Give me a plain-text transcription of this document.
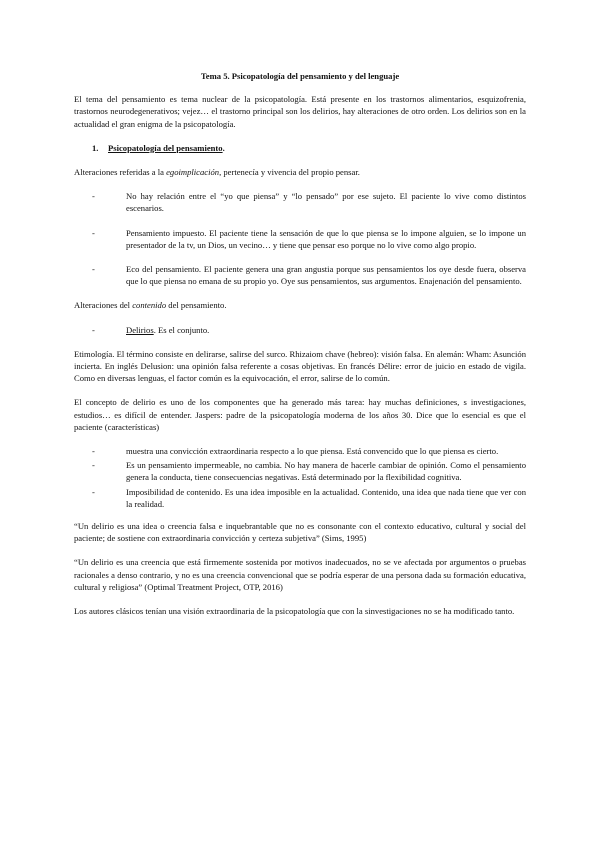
Tema 5. Psicopatología del pensamiento y del lenguaje

El tema del pensamiento es tema nuclear de la psicopatología. Está presente en los trastornos alimentarios, esquizofrenia, trastornos neurodegenerativos; vejez… el trastorno principal son los delirios, hay alteraciones de otro orden. Los delirios son en la actualidad el gran enigma de la psicopatología.

1. Psicopatología del pensamiento.

Alteraciones referidas a la egoimplicación, pertenecía y vivencia del propio pensar.

-	No hay relación entre el “yo que piensa” y “lo pensado” por ese sujeto. El paciente lo vive como distintos escenarios.
-	Pensamiento impuesto. El paciente tiene la sensación de que lo que piensa se lo impone alguien, se lo impone un presentador de la tv, un Dios, un vecino… y tiene que pensar eso porque no lo vive como algo propio.
-	Eco del pensamiento. El paciente genera una gran angustia porque sus pensamientos los oye desde fuera, observa que lo que piensa no emana de su propio yo. Oye sus pensamientos, sus argumentos. Enajenación del pensamiento.

Alteraciones del contenido del pensamiento.

-	Delirios. Es el conjunto.

Etimología. El término consiste en delirarse, salirse del surco. Rhizaiom chave (hebreo): visión falsa. En alemán: Wham: Asunción incierta. En inglés Delusion: una opinión falsa referente a cosas objetivas. En francés Délire: error de juicio en estado de vigila. Como en diversas lenguas, el factor común es la equivocación, el error, salirse de lo común.

El concepto de delirio es uno de los componentes que ha generado más tarea: hay muchas definiciones, s investigaciones, estudios… es difícil de entender. Jaspers: padre de la psicopatología moderna de los años 30. Dice que lo esencial es que el paciente (características)

-	muestra una convicción extraordinaria respecto a lo que piensa. Está convencido que lo que piensa es cierto.
-	Es un pensamiento impermeable, no cambia. No hay manera de hacerle cambiar de opinión. Como el pensamiento genera la conducta, tiene consecuencias negativas. Está determinado por la flexibilidad cognitiva.
-	Imposibilidad de contenido. Es una idea imposible en la actualidad. Contenido, una idea que nada tiene que ver con la realidad.

“Un delirio es una idea o creencia falsa e inquebrantable que no es consonante con el contexto educativo, cultural y social del paciente; de sostiene con extraordinaria convicción y certeza subjetiva” (Sims, 1995)

“Un delirio es una creencia que está firmemente sostenida por motivos inadecuados, no se ve afectada por argumentos o pruebas racionales a denso contrario, y no es una creencia convencional que se podría esperar de una persona dada su formación educativa, cultural y religiosa” (Optimal Treatment Project, OTP, 2016)

Los autores clásicos tenían una visión extraordinaria de la psicopatología que con la sinvestigaciones no se ha modificado tanto.
